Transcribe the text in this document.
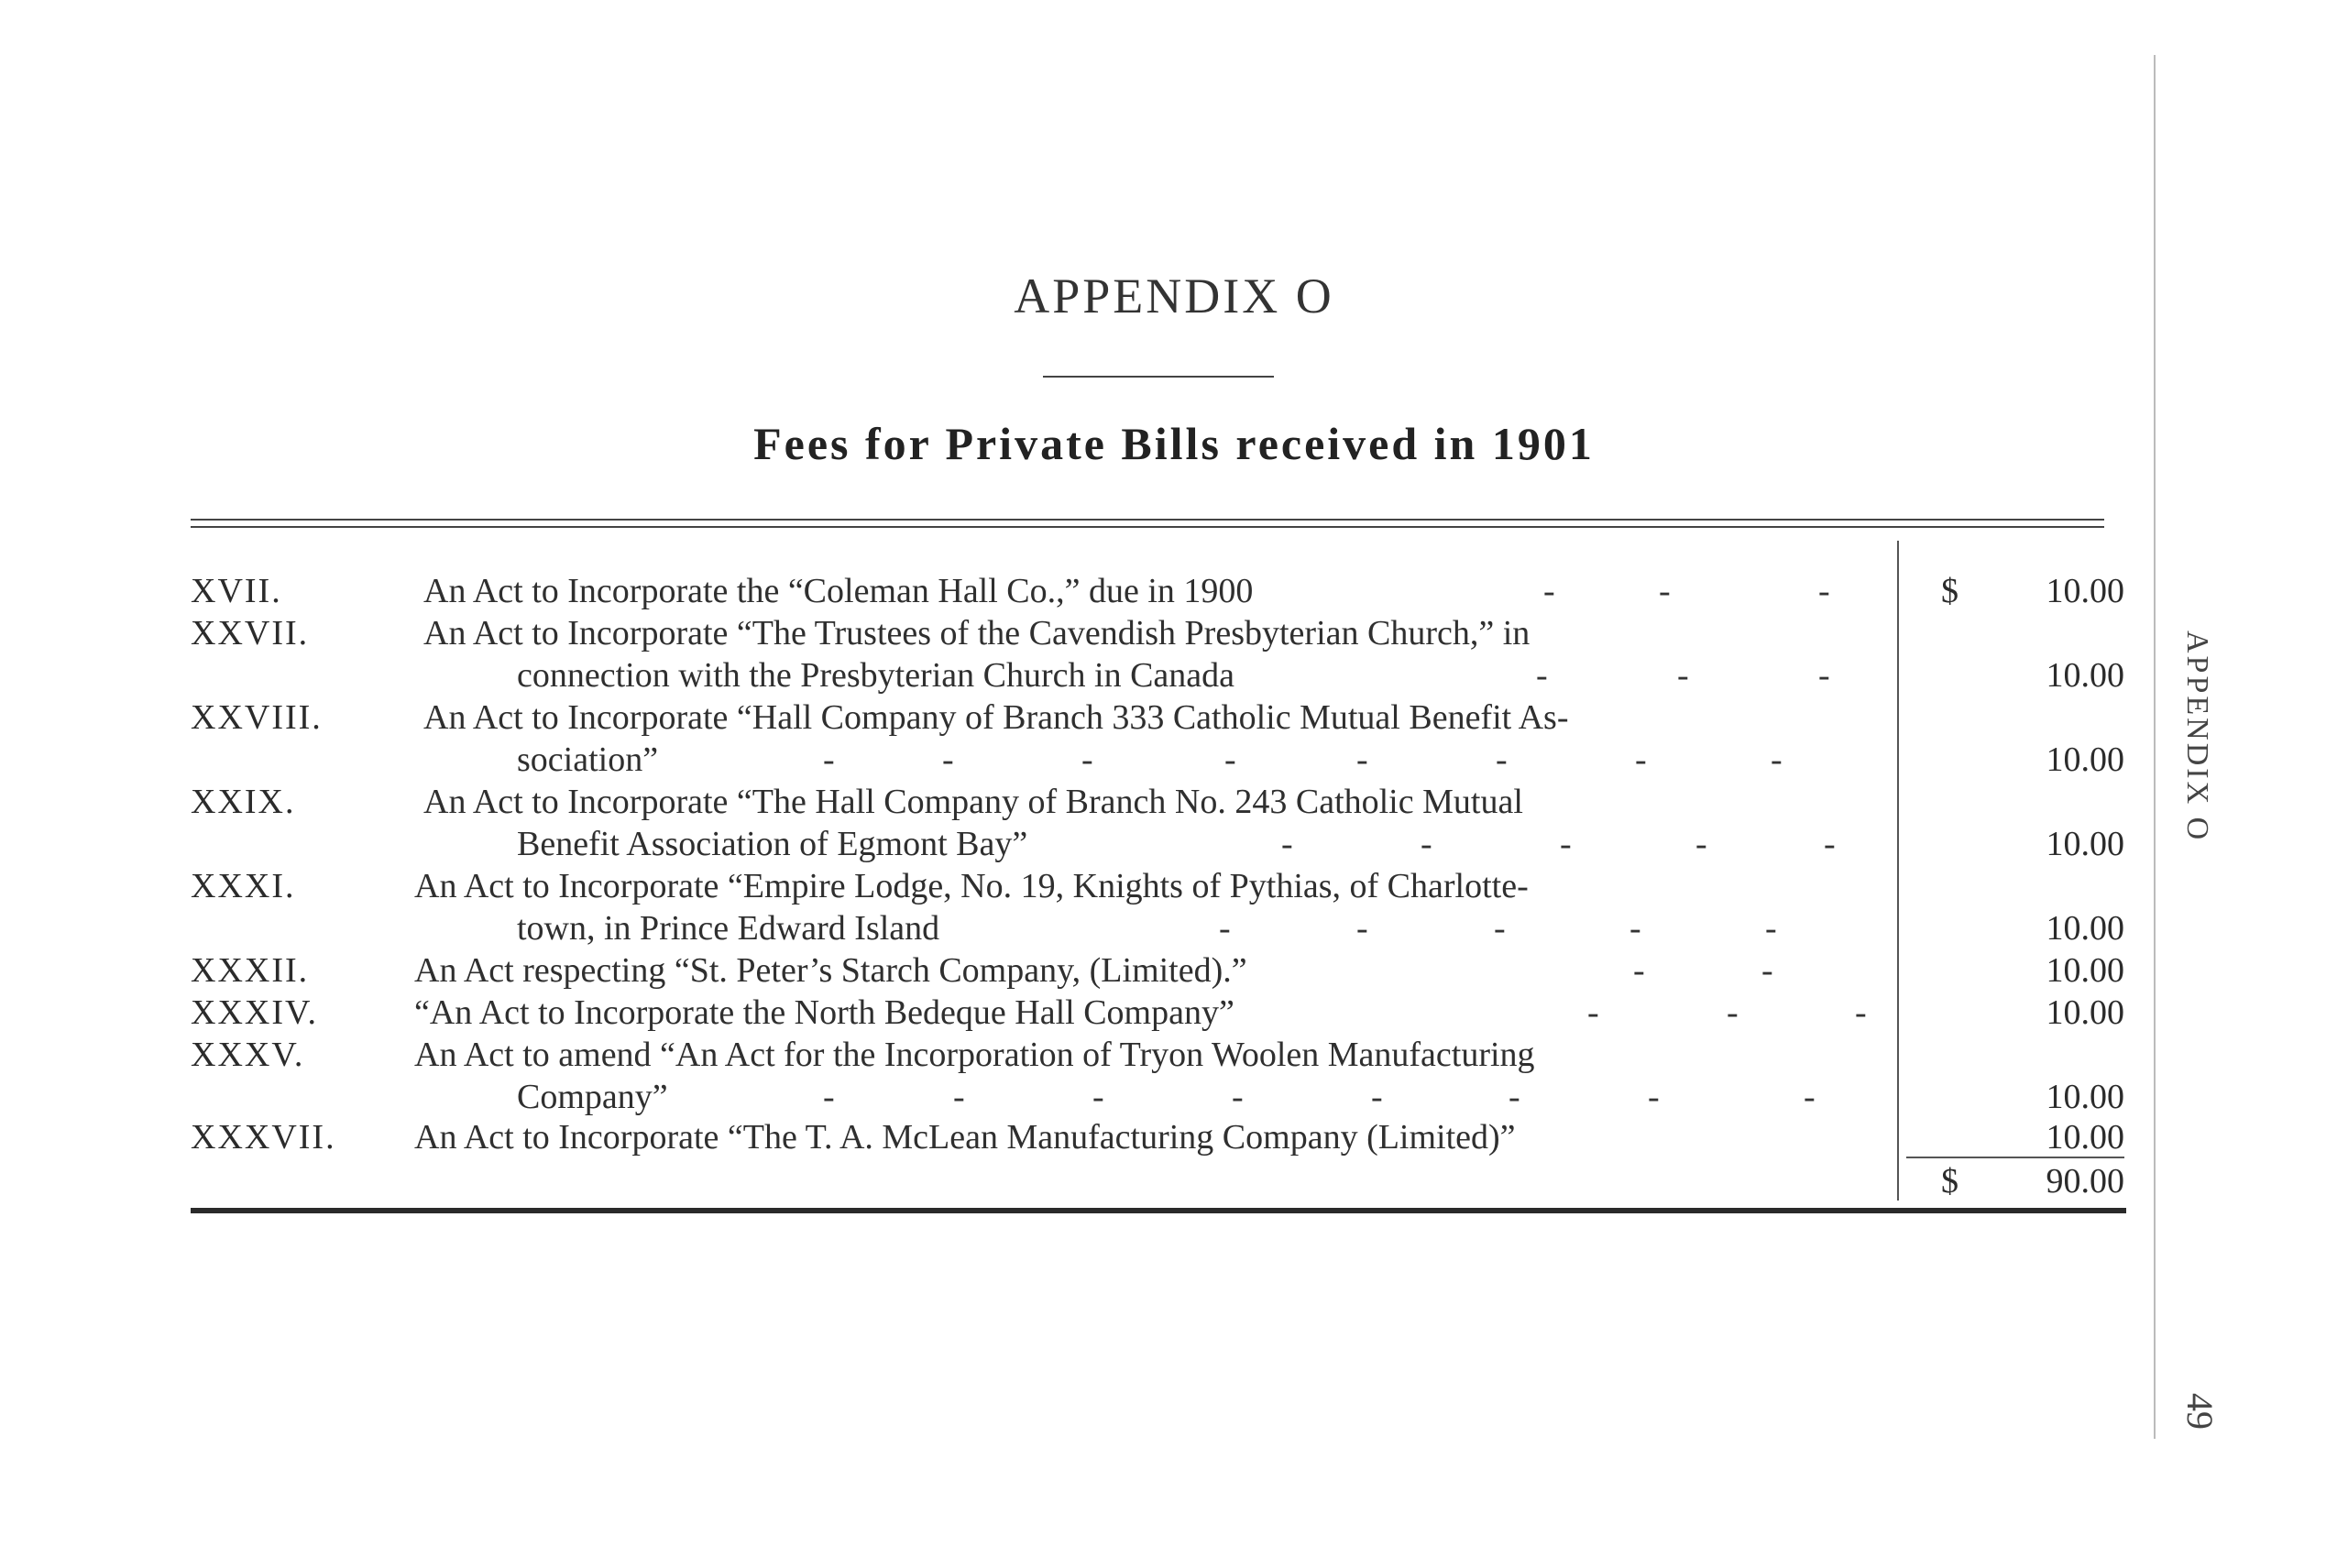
APPENDIX O
Fees for Private Bills received in 1901
XVII.	An Act to Incorporate the “Coleman Hall Co.,” due in 1900	-	-	-	$	10.00
XXVII.	An Act to Incorporate “The Trustees of the Cavendish Presbyterian Church,” in
connection with the Presbyterian Church in Canada	-	-	-	10.00
XXVIII.	An Act to Incorporate “Hall Company of Branch 333 Catholic Mutual Benefit As-
sociation”	-	-	-	-	-	-	-	-	10.00
XXIX.	An Act to Incorporate “The Hall Company of Branch No. 243 Catholic Mutual
Benefit Association of Egmont Bay”	-	-	-	-	-	10.00
XXXI.	An Act to Incorporate “Empire Lodge, No. 19, Knights of Pythias, of Charlotte-
town, in Prince Edward Island	-	-	-	-	-	10.00
XXXII.	An Act respecting “St. Peter’s Starch Company, (Limited).”	-	-	10.00
XXXIV.	“An Act to Incorporate the North Bedeque Hall Company”	-	-	-	10.00
XXXV.	An Act to amend “An Act for the Incorporation of Tryon Woolen Manufacturing
Company”	-	-	-	-	-	-	-	-	10.00
XXXVII. An Act to Incorporate “The T. A. McLean Manufacturing Company (Limited)”	10.00
$	90.00
APPENDIX O
49
